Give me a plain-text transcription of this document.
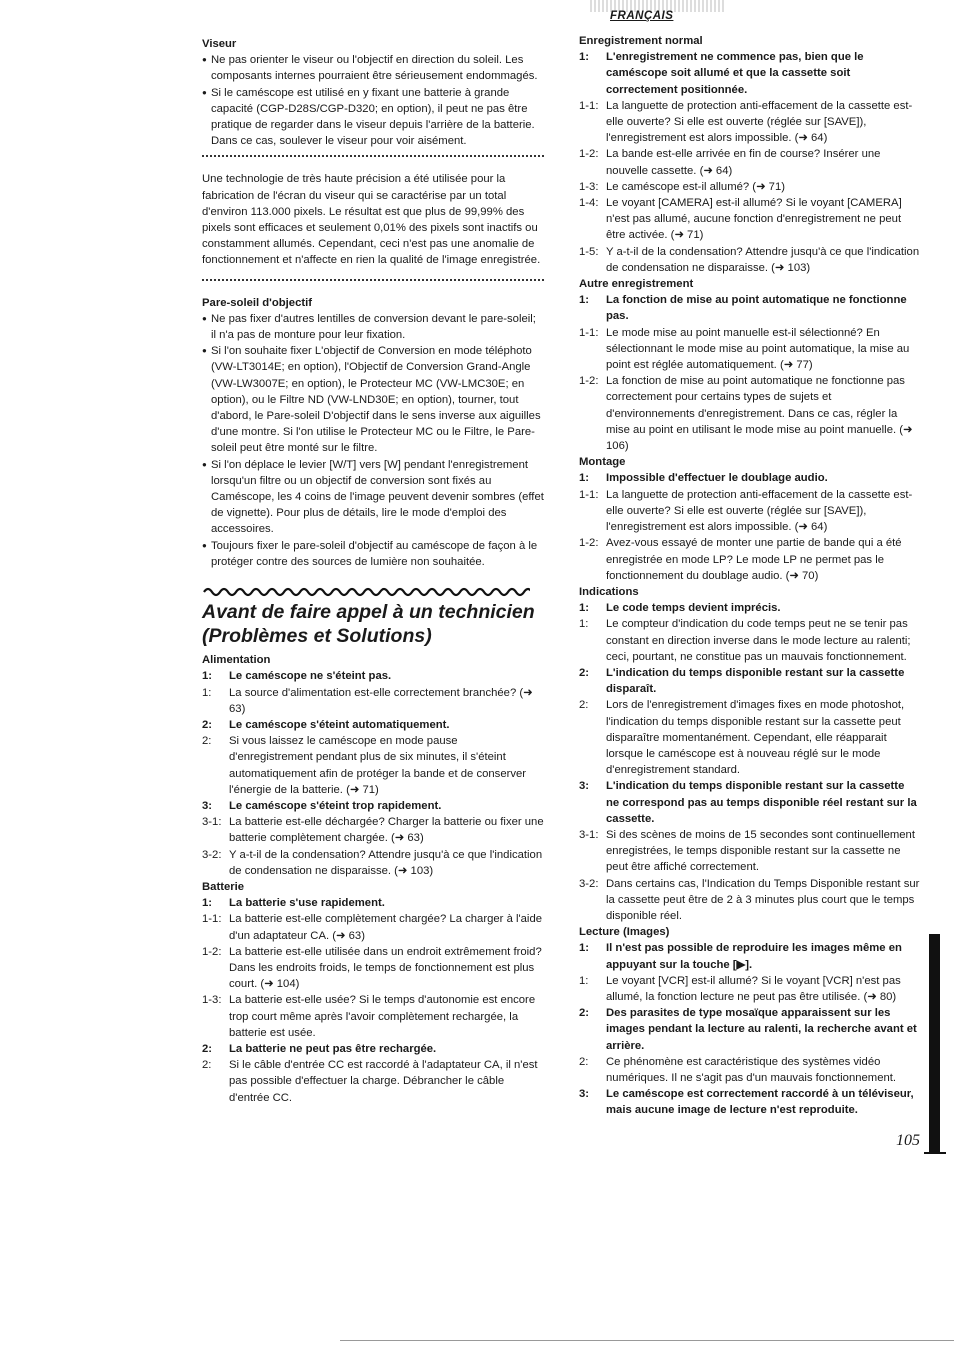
FRANÇAIS
Viseur
● Ne pas orienter le viseur ou l'objectif en direction du soleil. Les composants internes pourraient être sérieusement endommagés.
● Si le caméscope est utilisé en y fixant une batterie à grande capacité (CGP-D28S/CGP-D320; en option), il peut ne pas être pratique de regarder dans le viseur depuis l'arrière de la batterie. Dans ce cas, soulever le viseur pour voir aisément.
Une technologie de très haute précision a été utilisée pour la fabrication de l'écran du viseur qui se caractérise par un total d'environ 113.000 pixels. Le résultat est que plus de 99,99% des pixels sont efficaces et seulement 0,01% des pixels sont inactifs ou constamment allumés. Cependant, ceci n'est pas une anomalie de fonctionnement et n'affecte en rien la qualité de l'image enregistrée.
Pare-soleil d'objectif
● Ne pas fixer d'autres lentilles de conversion devant le pare-soleil; il n'a pas de monture pour leur fixation.
● Si l'on souhaite fixer L'objectif de Conversion en mode téléphoto (VW-LT3014E; en option), l'Objectif de Conversion Grand-Angle (VW-LW3007E; en option), le Protecteur MC (VW-LMC30E; en option), ou le Filtre ND (VW-LND30E; en option), tourner, tout d'abord, le Pare-soleil D'objectif dans le sens inverse aux aiguilles d'une montre. Si l'on utilise le Protecteur MC ou le Filtre, le Pare-soleil peut être monté sur le filtre.
● Si l'on déplace le levier [W/T] vers [W] pendant l'enregistrement lorsqu'un filtre ou un objectif de conversion sont fixés au Caméscope, les 4 coins de l'image peuvent devenir sombres (effet de vignette). Pour plus de détails, lire le mode d'emploi des accessoires.
● Toujours fixer le pare-soleil d'objectif au caméscope de façon à le protéger contre des sources de lumière non souhaitée.
Avant de faire appel à un technicien
(Problèmes et Solutions)
Alimentation
1: Le caméscope ne s'éteint pas.
1: La source d'alimentation est-elle correctement branchée? (➜ 63)
2: Le caméscope s'éteint automatiquement.
2: Si vous laissez le caméscope en mode pause d'enregistrement pendant plus de six minutes, il s'éteint automatiquement afin de protéger la bande et de conserver l'énergie de la batterie. (➜ 71)
3: Le caméscope s'éteint trop rapidement.
3-1: La batterie est-elle déchargée? Charger la batterie ou fixer une batterie complètement chargée. (➜ 63)
3-2: Y a-t-il de la condensation? Attendre jusqu'à ce que l'indication de condensation ne disparaisse. (➜ 103)
Batterie
1: La batterie s'use rapidement.
1-1: La batterie est-elle complètement chargée? La charger à l'aide d'un adaptateur CA. (➜ 63)
1-2: La batterie est-elle utilisée dans un endroit extrêmement froid? Dans les endroits froids, le temps de fonctionnement est plus court. (➜ 104)
1-3: La batterie est-elle usée? Si le temps d'autonomie est encore trop court même après l'avoir complètement rechargée, la batterie est usée.
2: La batterie ne peut pas être rechargée.
2: Si le câble d'entrée CC est raccordé à l'adaptateur CA, il n'est pas possible d'effectuer la charge. Débrancher le câble d'entrée CC.
Enregistrement normal
1: L'enregistrement ne commence pas, bien que le caméscope soit allumé et que la cassette soit correctement positionnée.
1-1: La languette de protection anti-effacement de la cassette est-elle ouverte? Si elle est ouverte (réglée sur [SAVE]), l'enregistrement est alors impossible. (➜ 64)
1-2: La bande est-elle arrivée en fin de course? Insérer une nouvelle cassette. (➜ 64)
1-3: Le caméscope est-il allumé? (➜ 71)
1-4: Le voyant [CAMERA] est-il allumé? Si le voyant [CAMERA] n'est pas allumé, aucune fonction d'enregistrement ne peut être activée. (➜ 71)
1-5: Y a-t-il de la condensation? Attendre jusqu'à ce que l'indication de condensation ne disparaisse. (➜ 103)
Autre enregistrement
1: La fonction de mise au point automatique ne fonctionne pas.
1-1: Le mode mise au point manuelle est-il sélectionné? En sélectionnant le mode mise au point automatique, la mise au point est réglée automatiquement. (➜ 77)
1-2: La fonction de mise au point automatique ne fonctionne pas correctement pour certains types de sujets et d'environnements d'enregistrement. Dans ce cas, régler la mise au point en utilisant le mode mise au point manuelle. (➜ 106)
Montage
1: Impossible d'effectuer le doublage audio.
1-1: La languette de protection anti-effacement de la cassette est-elle ouverte? Si elle est ouverte (réglée sur [SAVE]), l'enregistrement est alors impossible. (➜ 64)
1-2: Avez-vous essayé de monter une partie de bande qui a été enregistrée en mode LP? Le mode LP ne permet pas le fonctionnement du doublage audio. (➜ 70)
Indications
1: Le code temps devient imprécis.
1: Le compteur d'indication du code temps peut ne se tenir pas constant en direction inverse dans le mode lecture au ralenti; ceci, pourtant, ne constitue pas un mauvais fonctionnement.
2: L'indication du temps disponible restant sur la cassette disparaît.
2: Lors de l'enregistrement d'images fixes en mode photoshot, l'indication du temps disponible restant sur la cassette peut disparaître momentanément. Cependant, elle réapparait lorsque le caméscope est à nouveau réglé sur le mode d'enregistrement standard.
3: L'indication du temps disponible restant sur la cassette ne correspond pas au temps disponible réel restant sur la cassette.
3-1: Si des scènes de moins de 15 secondes sont continuellement enregistrées, le temps disponible restant sur la cassette ne peut être affiché correctement.
3-2: Dans certains cas, l'Indication du Temps Disponible restant sur la cassette peut être de 2 à 3 minutes plus court que le temps disponible réel.
Lecture (Images)
1: Il n'est pas possible de reproduire les images même en appuyant sur la touche [▶].
1: Le voyant [VCR] est-il allumé? Si le voyant [VCR] n'est pas allumé, la fonction lecture ne peut pas être utilisée. (➜ 80)
2: Des parasites de type mosaïque apparaissent sur les images pendant la lecture au ralenti, la recherche avant et arrière.
2: Ce phénomène est caractéristique des systèmes vidéo numériques. Il ne s'agit pas d'un mauvais fonctionnement.
3: Le caméscope est correctement raccordé à un téléviseur, mais aucune image de lecture n'est reproduite.
105
